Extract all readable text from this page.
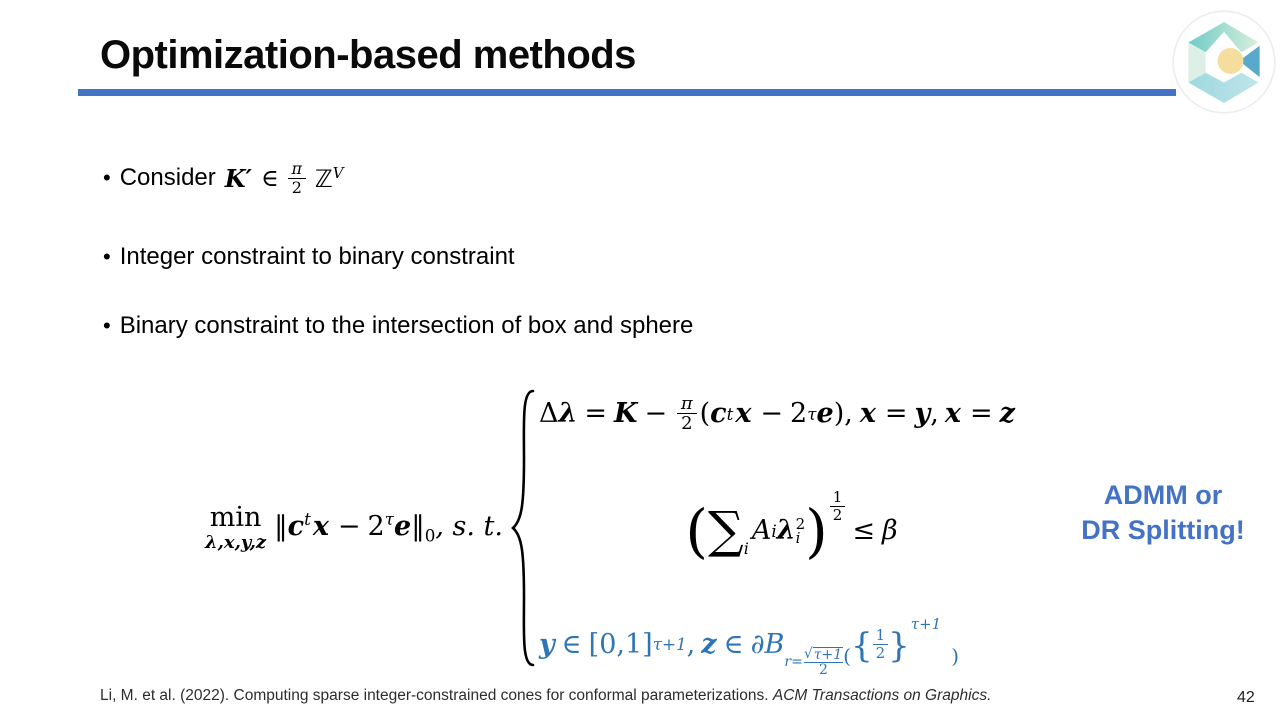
Optimization-based methods
• Consider K′ ∈ π
2 ℤ$^V$
• Integer constraint to binary constraint
• Binary constraint to the intersection of box and sphere
min
λ,x,y,z $‖c^tx$ − $2^\tau e‖_0$, s. t.
Δ $\lambda = K - \frac{\pi}{2}$ ( c t x − 2 τ e ), x = y , x = z
( ∑ i
A i λ 2
i ) $\frac{1}{2}$
≤ β
y ∈ [0,1] τ+1 , z ∈ ∂B
$r= \frac{√ \tau+1}{2}$ ( { $\frac{1}{2}$ }
τ+1
)
ADMM or
DR Splitting!
Li, M. et al. (2022). Computing sparse integer-constrained cones for conformal parameterizations. ACM Transactions on Graphics.	42
